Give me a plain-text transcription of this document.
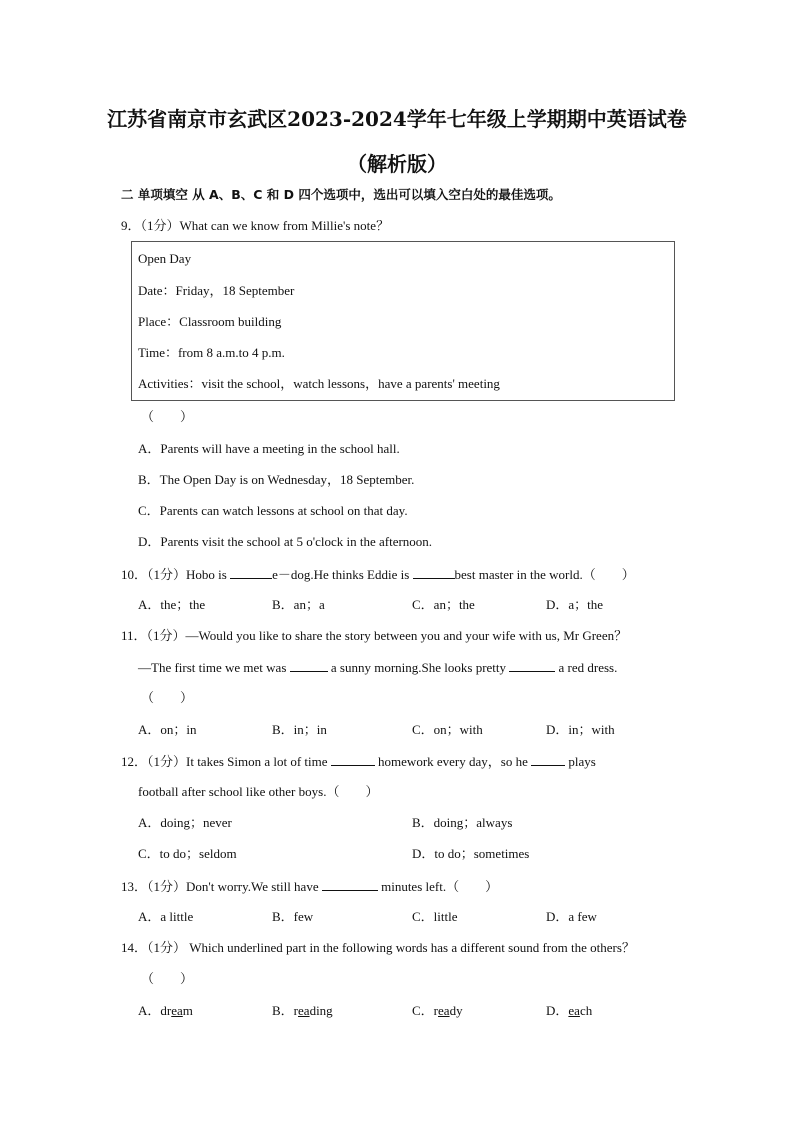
江苏省南京市玄武区2023-2024学年七年级上学期期中英语试卷
（解析版）
二 单项填空 从 A、B、C 和 D 四个选项中，选出可以填入空白处的最佳选项。
9．（1分）What can we know from Millie's note？
Open Day
Date：Friday，18 September
Place：Classroom building
Time：from 8 a.m.to 4 p.m.
Activities：visit the school，watch lessons，have a parents' meeting
（　　）
A．Parents will have a meeting in the school hall.
B．The Open Day is on Wednesday，18 September.
C．Parents can watch lessons at school on that day.
D．Parents visit the school at 5 o'clock in the afternoon.
10．（1分）Hobo is	e－dog.He thinks Eddie is	best master in the world.（　　）
A．the；the	B．an；a	C．an；the	D．a；the
11．（1分）—Would you like to share the story between you and your wife with us, Mr Green？
—The first time we met was	a sunny morning.She looks pretty	a red dress.
（　　）
A．on；in	B．in；in	C．on；with	D．in；with
12．（1分）It takes Simon a lot of time	homework every day，so he	plays
football after school like other boys.（　　）
A．doing；never	B．doing；always
C．to do；seldom	D．to do；sometimes
13．（1分）Don't worry.We still have	minutes left.（　　）
A．a little	B．few	C．little	D．a few
14．（1分） Which underlined part in the following words has a different sound from the others？
（　　）
A．dream	B．reading	C．ready	D．each
